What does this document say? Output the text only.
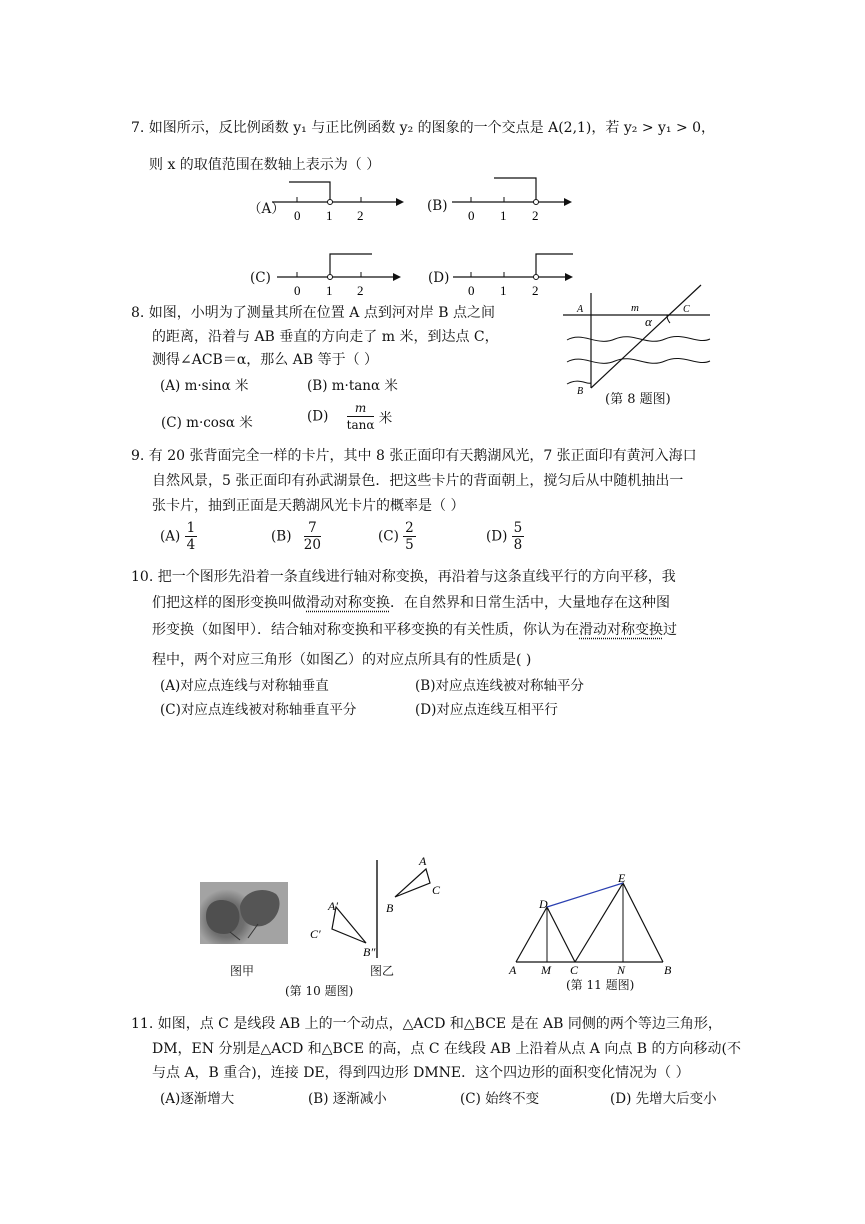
7. 如图所示，反比例函数 y₁ 与正比例函数 y₂ 的图象的一个交点是 A(2,1)，若 y₂ > y₁ > 0，
则 x 的取值范围在数轴上表示为（ ）
（A） 0 1 2
(B)
0 1 2
(C)
0 1 2
(D)
0 1 2
8. 如图，小明为了测量其所在位置 A 点到河对岸 B 点之间
的距离，沿着与 AB 垂直的方向走了 m 米，到达点 C，
测得∠ACB＝α，那么 AB 等于（ ）
(A) m·sinα 米	(B) m·tanα 米
(C) m·cosα 米	$(D) \frac{m}{\tan\alpha}$ 米
A	m	C
α
B
(第 8 题图)
9. 有 20 张背面完全一样的卡片，其中 8 张正面印有天鹅湖风光，7 张正面印有黄河入海口
自然风景，5 张正面印有孙武湖景色．把这些卡片的背面朝上，搅匀后从中随机抽出一
张卡片，抽到正面是天鹅湖风光卡片的概率是（ ）
$(A) \frac{1}{4}$	$(B) \frac{7}{20}$	$(C) \frac{2}{5}$	$(D) \frac{5}{8}$
10. 把一个图形先沿着一条直线进行轴对称变换，再沿着与这条直线平行的方向平移，我
们把这样的图形变换叫做滑动对称变换．在自然界和日常生活中，大量地存在这种图
形变换（如图甲）．结合轴对称变换和平移变换的有关性质，你认为在滑动对称变换过
程中，两个对应三角形（如图乙）的对应点所具有的性质是( )
(A)对应点连线与对称轴垂直	(B)对应点连线被对称轴平分
(C)对应点连线被对称轴垂直平分	(D)对应点连线互相平行
图甲
A
B
C
A′
C′
B″
图乙
(第 10 题图)
A M C	N	B
D
E
(第 11 题图)
11. 如图，点 C 是线段 AB 上的一个动点，△ACD 和△BCE 是在 AB 同侧的两个等边三角形，
DM，EN 分别是△ACD 和△BCE 的高，点 C 在线段 AB 上沿着从点 A 向点 B 的方向移动(不
与点 A，B 重合)，连接 DE，得到四边形 DMNE．这个四边形的面积变化情况为（ ）
(A)逐渐增大	(B) 逐渐减小	(C) 始终不变	(D) 先增大后变小
